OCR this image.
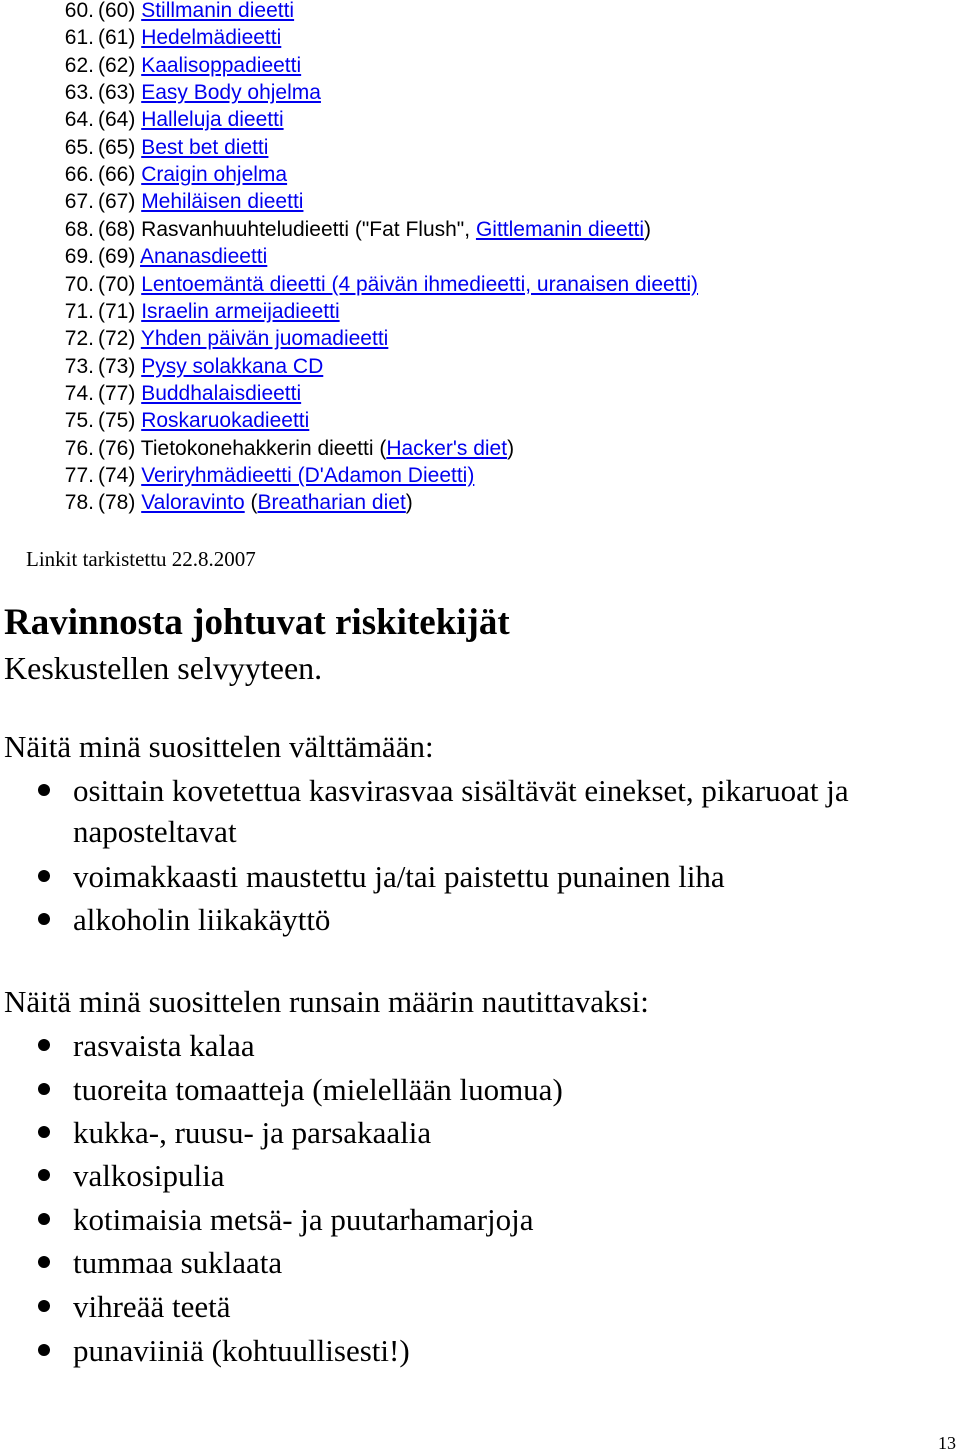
60. (60) Stillmanin dieetti
61. (61) Hedelmädieetti
62. (62) Kaalisoppadieetti
63. (63) Easy Body ohjelma
64. (64) Halleluja dieetti
65. (65) Best bet dietti
66. (66) Craigin ohjelma
67. (67) Mehiläisen dieetti
68. (68) Rasvanhuuhteludieetti ("Fat Flush", Gittlemanin dieetti)
69. (69) Ananasdieetti
70. (70) Lentoemäntä dieetti (4 päivän ihmedieetti, uranaisen dieetti)
71. (71) Israelin armeijadieetti
72. (72) Yhden päivän juomadieetti
73. (73) Pysy solakkana CD
74. (77) Buddhalaisdieetti
75. (75) Roskaruokadieetti
76. (76) Tietokonehakkerin dieetti (Hacker's diet)
77. (74) Veriryhmädieetti (D'Adamon Dieetti)
78. (78) Valoravinto (Breatharian diet)
Linkit tarkistettu 22.8.2007
Ravinnosta johtuvat riskitekijät
Keskustellen selvyyteen.
Näitä minä suosittelen välttämään:
osittain kovetettua kasvirasvaa sisältävät einekset, pikaruoat ja naposteltavat
voimakkaasti maustettu ja/tai paistettu punainen liha
alkoholin liikakäyttö
Näitä minä suosittelen runsain määrin nautittavaksi:
rasvaista kalaa
tuoreita tomaatteja (mielellään luomua)
kukka-, ruusu- ja parsakaalia
valkosipulia
kotimaisia metsä- ja puutarhamarjoja
tummaa suklaata
vihreää teetä
punaviiniä (kohtuullisesti!)
13
